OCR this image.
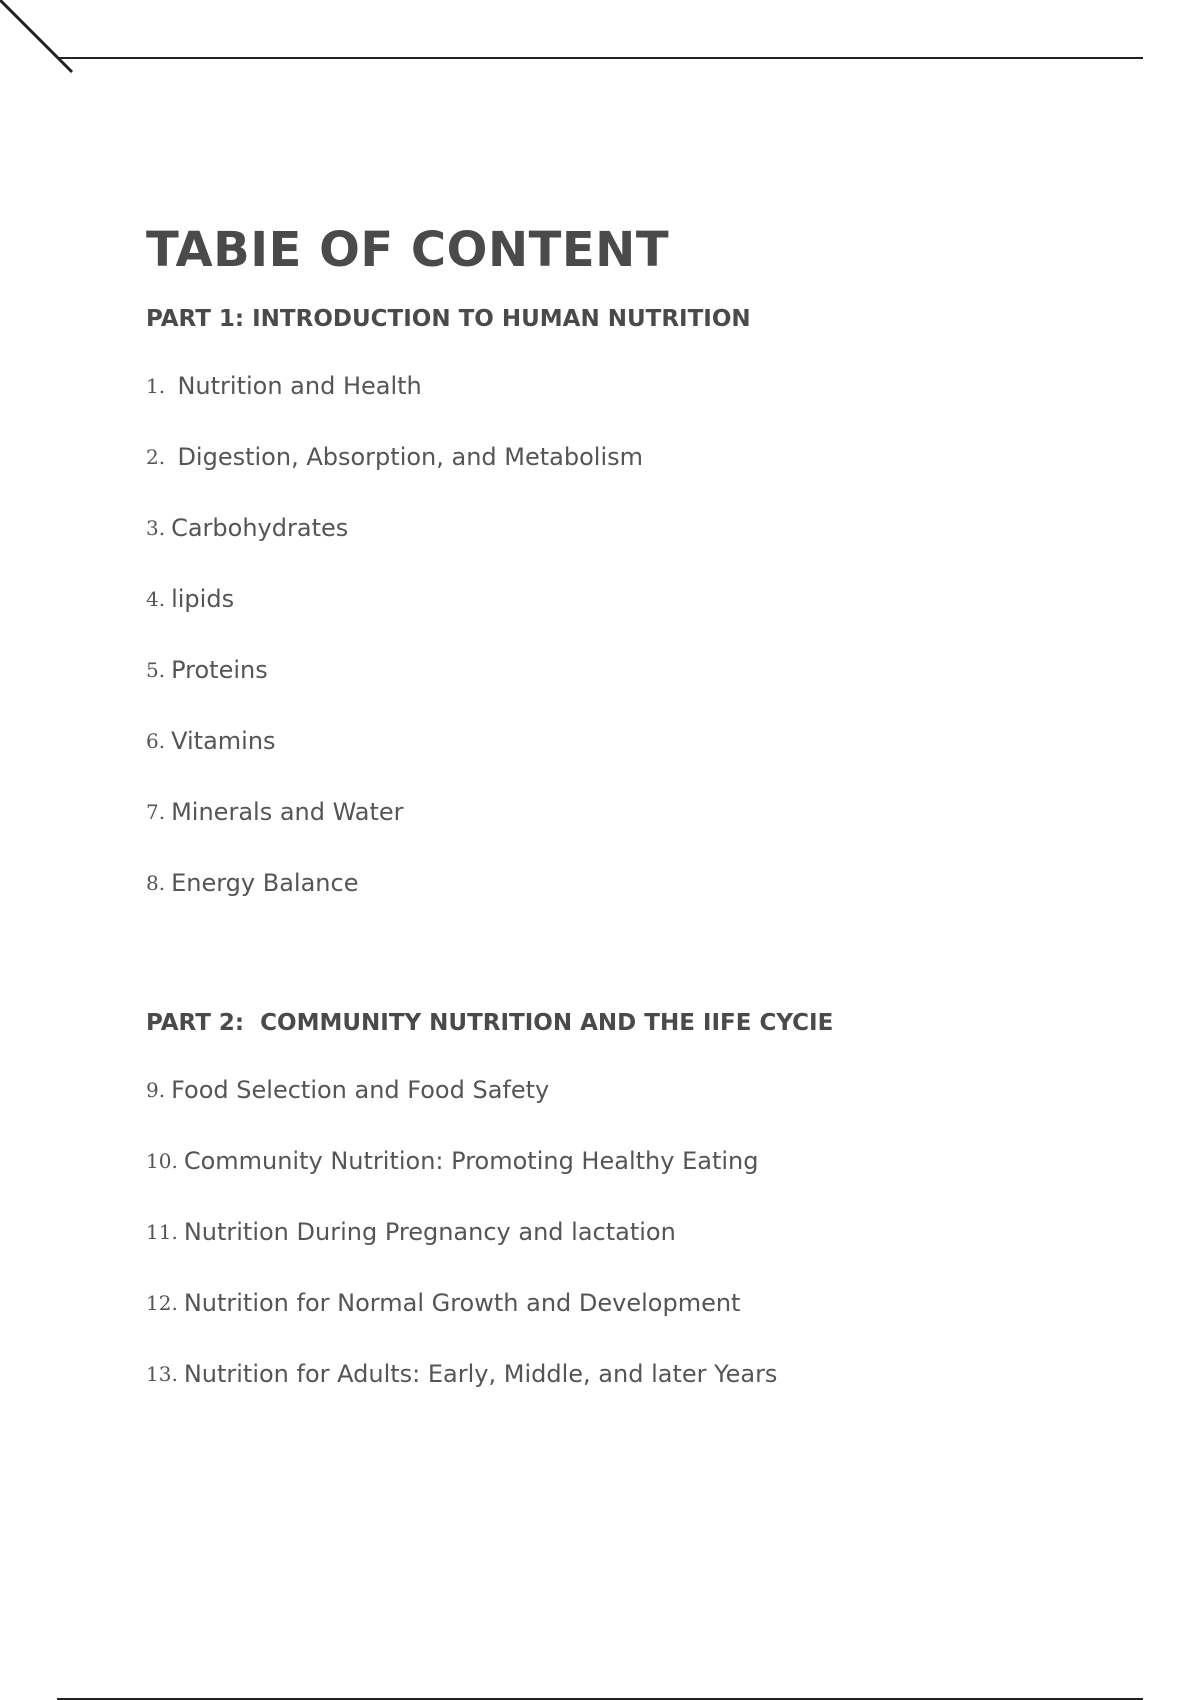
TABIE OF CONTENT
PART 1: INTRODUCTION TO HUMAN NUTRITION
1. Nutrition and Health
2. Digestion, Absorption, and Metabolism
3. Carbohydrates
4. lipids
5. Proteins
6. Vitamins
7. Minerals and Water
8. Energy Balance
PART 2:  COMMUNITY NUTRITION AND THE IIFE CYCIE
9. Food Selection and Food Safety
10. Community Nutrition: Promoting Healthy Eating
11. Nutrition During Pregnancy and lactation
12. Nutrition for Normal Growth and Development
13. Nutrition for Adults: Early, Middle, and later Years
